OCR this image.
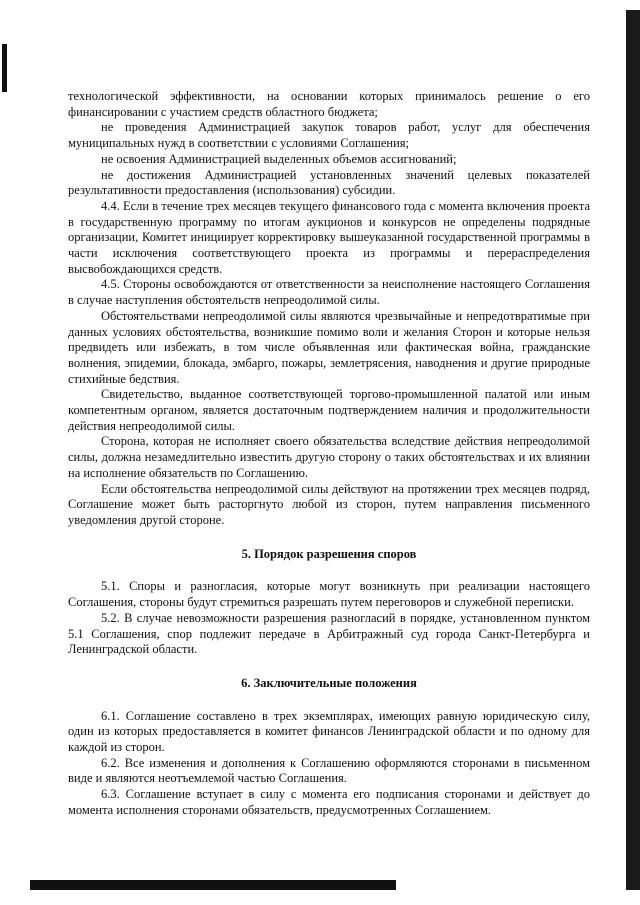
технологической эффективности, на основании которых принималось решение о его финансировании с участием средств областного бюджета;

не проведения Администрацией закупок товаров работ, услуг для обеспечения муниципальных нужд в соответствии с условиями Соглашения;

не освоения Администрацией выделенных объемов ассигнований;

не достижения Администрацией установленных значений целевых показателей результативности предоставления (использования) субсидии.

4.4. Если в течение трех месяцев текущего финансового года с момента включения проекта в государственную программу по итогам аукционов и конкурсов не определены подрядные организации, Комитет инициирует корректировку вышеуказанной государственной программы в части исключения соответствующего проекта из программы и перераспределения высвобождающихся средств.

4.5. Стороны освобождаются от ответственности за неисполнение настоящего Соглашения в случае наступления обстоятельств непреодолимой силы.

Обстоятельствами непреодолимой силы являются чрезвычайные и непредотвратимые при данных условиях обстоятельства, возникшие помимо воли и желания Сторон и которые нельзя предвидеть или избежать, в том числе объявленная или фактическая война, гражданские волнения, эпидемии, блокада, эмбарго, пожары, землетрясения, наводнения и другие природные стихийные бедствия.

Свидетельство, выданное соответствующей торгово-промышленной палатой или иным компетентным органом, является достаточным подтверждением наличия и продолжительности действия непреодолимой силы.

Сторона, которая не исполняет своего обязательства вследствие действия непреодолимой силы, должна незамедлительно известить другую сторону о таких обстоятельствах и их влиянии на исполнение обязательств по Соглашению.

Если обстоятельства непреодолимой силы действуют на протяжении трех месяцев подряд, Соглашение может быть расторгнуто любой из сторон, путем направления письменного уведомления другой стороне.

5. Порядок разрешения споров

5.1. Споры и разногласия, которые могут возникнуть при реализации настоящего Соглашения, стороны будут стремиться разрешать путем переговоров и служебной переписки.

5.2. В случае невозможности разрешения разногласий в порядке, установленном пунктом 5.1 Соглашения, спор подлежит передаче в Арбитражный суд города Санкт-Петербурга и Ленинградской области.

6. Заключительные положения

6.1. Соглашение составлено в трех экземплярах, имеющих равную юридическую силу, один из которых предоставляется в комитет финансов Ленинградской области и по одному для каждой из сторон.

6.2. Все изменения и дополнения к Соглашению оформляются сторонами в письменном виде и являются неотъемлемой частью Соглашения.

6.3. Соглашение вступает в силу с момента его подписания сторонами и действует до момента исполнения сторонами обязательств, предусмотренных Соглашением.
